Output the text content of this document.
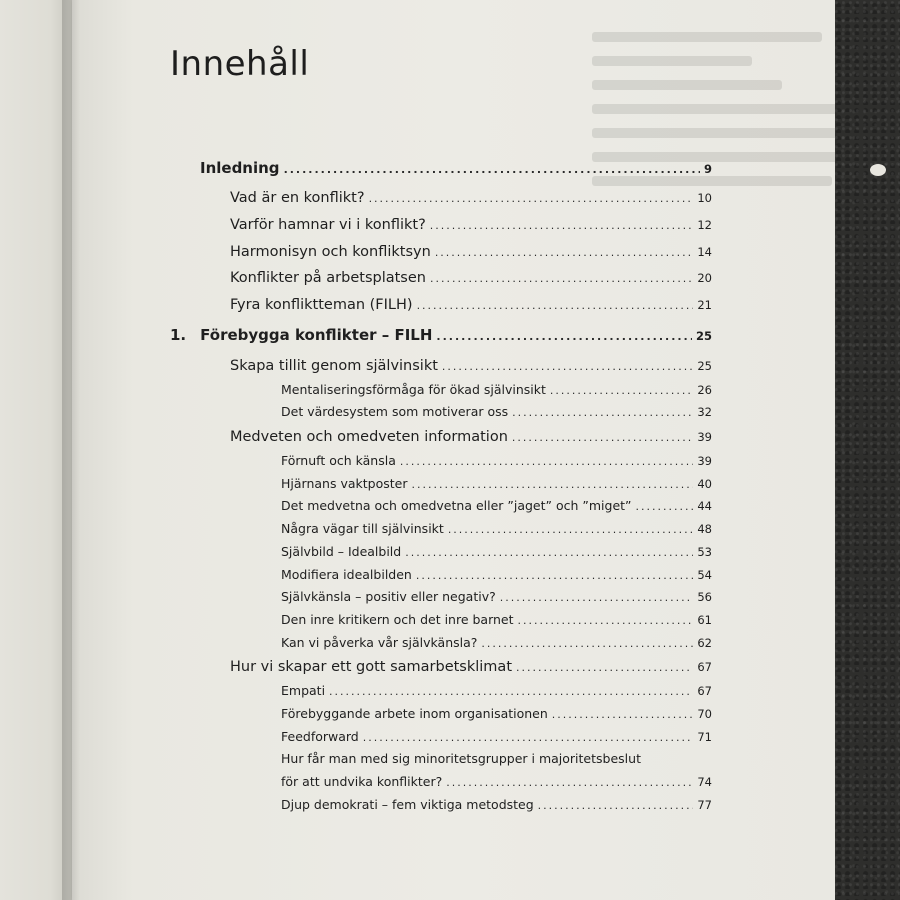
Innehåll
Inledning .....	9
Vad är en konflikt? .....	10
Varför hamnar vi i konflikt? .....	12
Harmonisyn och konfliktsyn .....	14
Konflikter på arbetsplatsen .....	20
Fyra konfliktteman (FILH) .....	21
1. Förebygga konflikter – FILH .....	25
Skapa tillit genom självinsikt .....	25
Mentaliseringsförmåga för ökad självinsikt .....	26
Det värdesystem som motiverar oss .....	32
Medveten och omedveten information .....	39
Förnuft och känsla .....	39
Hjärnans vaktposter .....	40
Det medvetna och omedvetna eller ”jaget” och ”miget” .....	44
Några vägar till självinsikt .....	48
Självbild – Idealbild .....	53
Modifiera idealbilden .....	54
Självkänsla – positiv eller negativ? .....	56
Den inre kritikern och det inre barnet .....	61
Kan vi påverka vår självkänsla? .....	62
Hur vi skapar ett gott samarbetsklimat .....	67
Empati .....	67
Förebyggande arbete inom organisationen .....	70
Feedforward .....	71
Hur får man med sig minoritetsgrupper i majoritetsbeslut
för att undvika konflikter? .....	74
Djup demokrati – fem viktiga metodsteg .....	77
